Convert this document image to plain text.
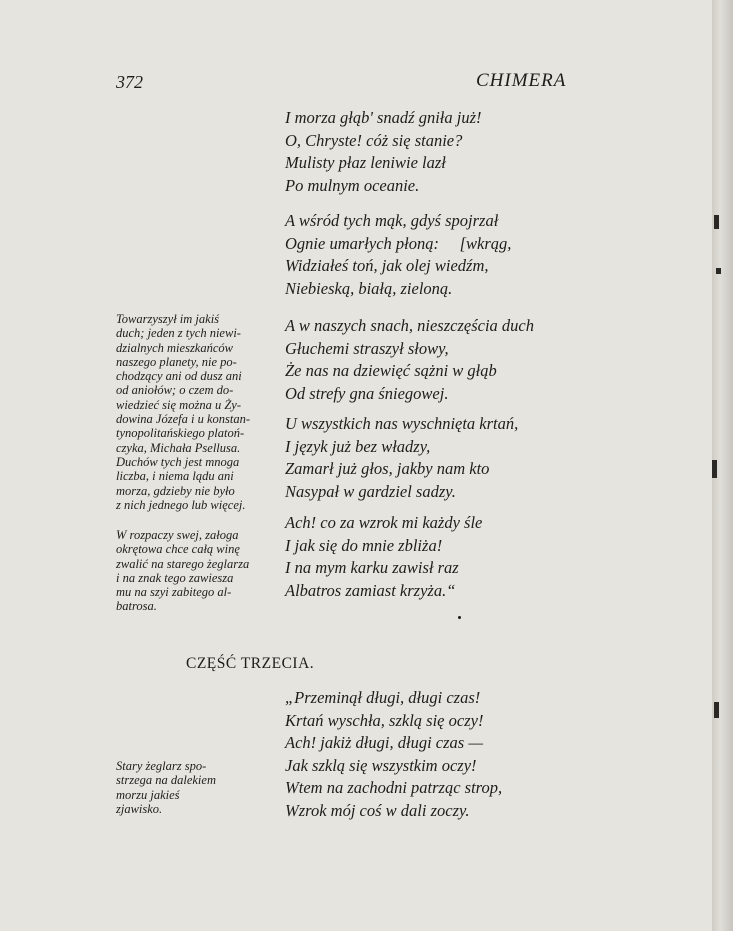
372	CHIMERA
I morza głąb' snadź gniła już!
O, Chryste! cóż się stanie?
Mulisty płaz leniwie lazł
Po mulnym oceanie.
A wśród tych mąk, gdyś spojrzał
Ognie umarłych płoną:     [wkrąg,
Widziałeś toń, jak olej wiedźm,
Niebieską, białą, zieloną.
A w naszych snach, nieszczęścia duch
Głuchemi straszył słowy,
Że nas na dziewięć sążni w głąb
Od strefy gna śniegowej.
U wszystkich nas wyschnięta krtań,
I język już bez władzy,
Zamarł już głos, jakby nam kto
Nasypał w gardziel sadzy.
Ach! co za wzrok mi każdy śle
I jak się do mnie zbliża!
I na mym karku zawisł raz
Albatros zamiast krzyża.“
CZĘŚĆ TRZECIA.
„Przeminął długi, długi czas!
Krtań wyschła, szklą się oczy!
Ach! jakiż długi, długi czas —
Jak szklą się wszystkim oczy!
Wtem na zachodni patrząc strop,
Wzrok mój coś w dali zoczy.
Towarzyszył im jakiś
duch; jeden z tych niewi-
dzialnych mieszkańców
naszego planety, nie po-
chodzący ani od dusz ani
od aniołów; o czem do-
wiedzieć się można u Ży-
dowina Józefa i u konstan-
tynopolitańskiego platoń-
czyka, Michała Psellusa.
Duchów tych jest mnoga
liczba, i niema lądu ani
morza, gdzieby nie było
z nich jednego lub więcej.
W rozpaczy swej, załoga
okrętowa chce całą winę
zwalić na starego żeglarza
i na znak tego zawiesza
mu na szyi zabitego al-
batrosa.
Stary żeglarz spo-
strzega na dalekiem
morzu jakieś
zjawisko.
